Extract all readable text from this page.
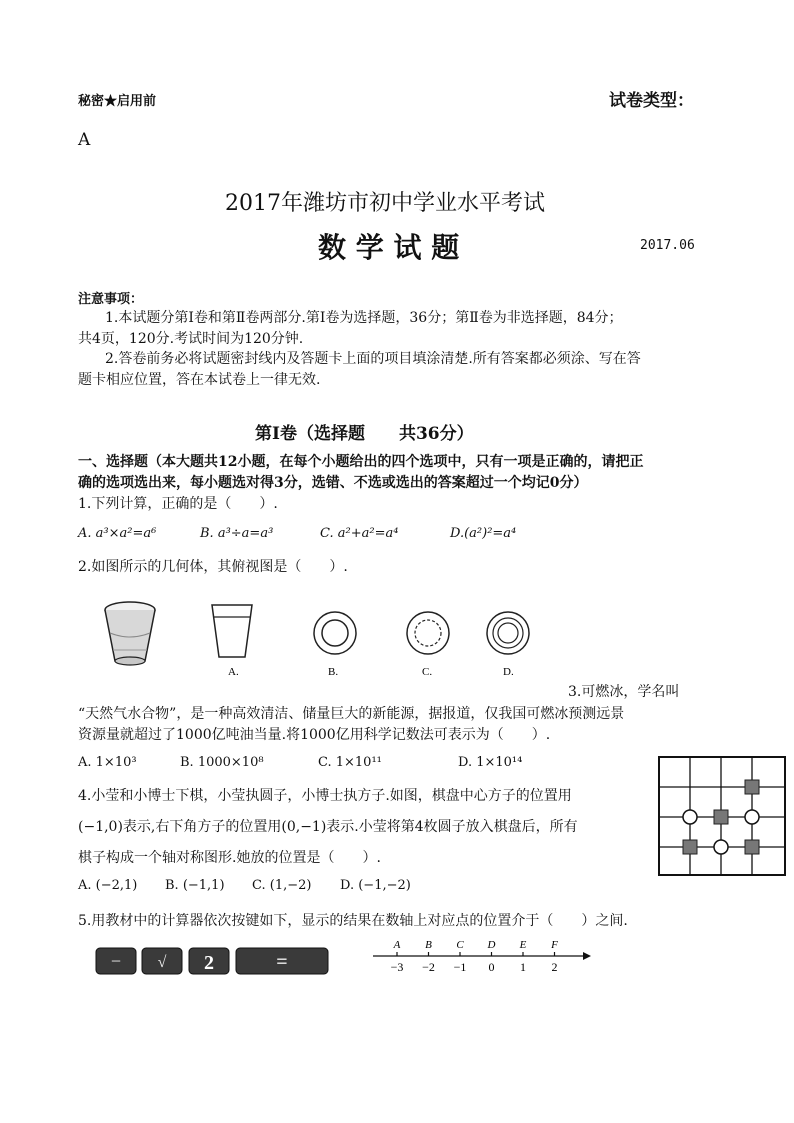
秘密★启用前	试卷类型：
A
2017年潍坊市初中学业水平考试
数 学 试 题	2017.06
注意事项：
1.本试题分第Ⅰ卷和第Ⅱ卷两部分.第Ⅰ卷为选择题，36分；第Ⅱ卷为非选择题，84分；
共4页，120分.考试时间为120分钟.
2.答卷前务必将试题密封线内及答题卡上面的项目填涂清楚.所有答案都必须涂、写在答
题卡相应位置，答在本试卷上一律无效.
第Ⅰ卷（选择题　　共36分）
一、选择题（本大题共12小题，在每个小题给出的四个选项中，只有一项是正确的，请把正
确的选项选出来，每小题选对得3分，选错、不选或选出的答案超过一个均记0分）
1.下列计算，正确的是（　　）.
A. a³×a²=a⁶	B. a³÷a=a³	C. a²+a²=a⁴	D.(a²)²=a⁴
2.如图所示的几何体，其俯视图是（　　）.
A.	B.	C.	D.
3.可燃冰，学名叫
“天然气水合物”，是一种高效清洁、储量巨大的新能源，据报道，仅我国可燃冰预测远景
资源量就超过了1000亿吨油当量.将1000亿用科学记数法可表示为（　　）.
A. 1×10³	B. 1000×10⁸	C. 1×10¹¹	D. 1×10¹⁴
4.小莹和小博士下棋，小莹执圆子，小博士执方子.如图，棋盘中心方子的位置用
(−1,0)表示,右下角方子的位置用(0,−1)表示.小莹将第4枚圆子放入棋盘后，所有
棋子构成一个轴对称图形.她放的位置是（　　）.
A. (−2,1) B. (−1,1) C. (1,−2) D. (−1,−2)
5.用教材中的计算器依次按键如下，显示的结果在数轴上对应点的位置介于（　　）之间.
− √ 2	=
A
−3
B
−2
C
−1
D
0
E
1
F
2
